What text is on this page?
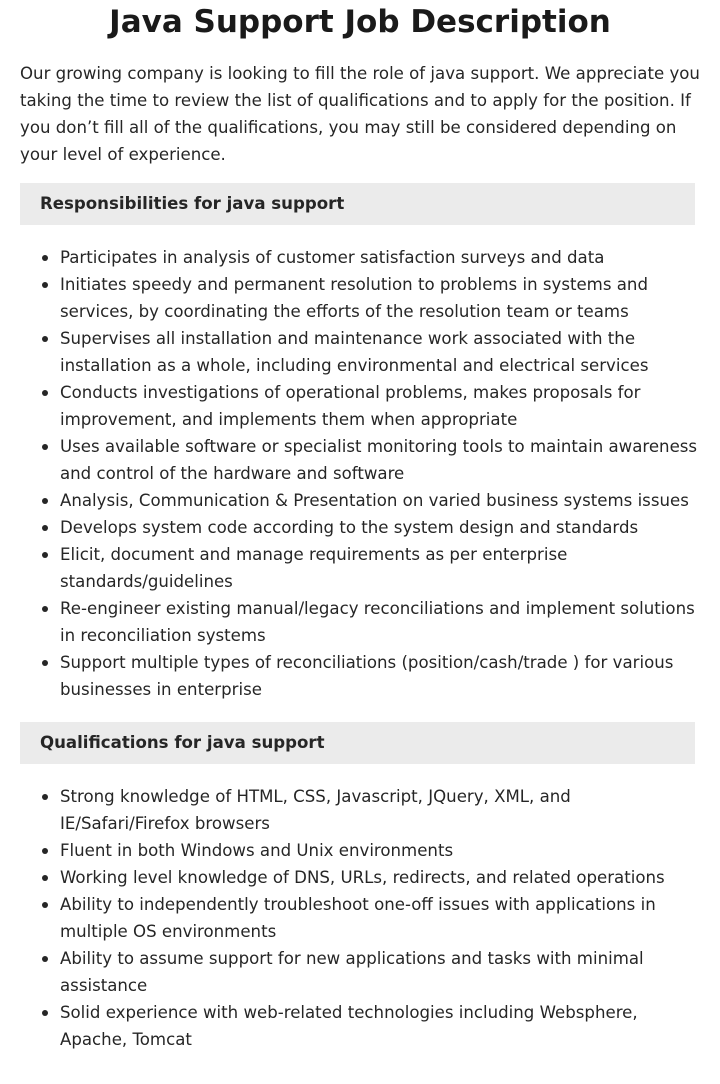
Java Support Job Description

Our growing company is looking to fill the role of java support. We appreciate you taking the time to review the list of qualifications and to apply for the position. If you don’t fill all of the qualifications, you may still be considered depending on your level of experience.

Responsibilities for java support
Participates in analysis of customer satisfaction surveys and data
Initiates speedy and permanent resolution to problems in systems and services, by coordinating the efforts of the resolution team or teams
Supervises all installation and maintenance work associated with the installation as a whole, including environmental and electrical services
Conducts investigations of operational problems, makes proposals for improvement, and implements them when appropriate
Uses available software or specialist monitoring tools to maintain awareness and control of the hardware and software
Analysis, Communication & Presentation on varied business systems issues
Develops system code according to the system design and standards
Elicit, document and manage requirements as per enterprise standards/guidelines
Re-engineer existing manual/legacy reconciliations and implement solutions in reconciliation systems
Support multiple types of reconciliations (position/cash/trade ) for various businesses in enterprise
Qualifications for java support
Strong knowledge of HTML, CSS, Javascript, JQuery, XML, and IE/Safari/Firefox browsers
Fluent in both Windows and Unix environments
Working level knowledge of DNS, URLs, redirects, and related operations
Ability to independently troubleshoot one-off issues with applications in multiple OS environments
Ability to assume support for new applications and tasks with minimal assistance
Solid experience with web-related technologies including Websphere, Apache, Tomcat
